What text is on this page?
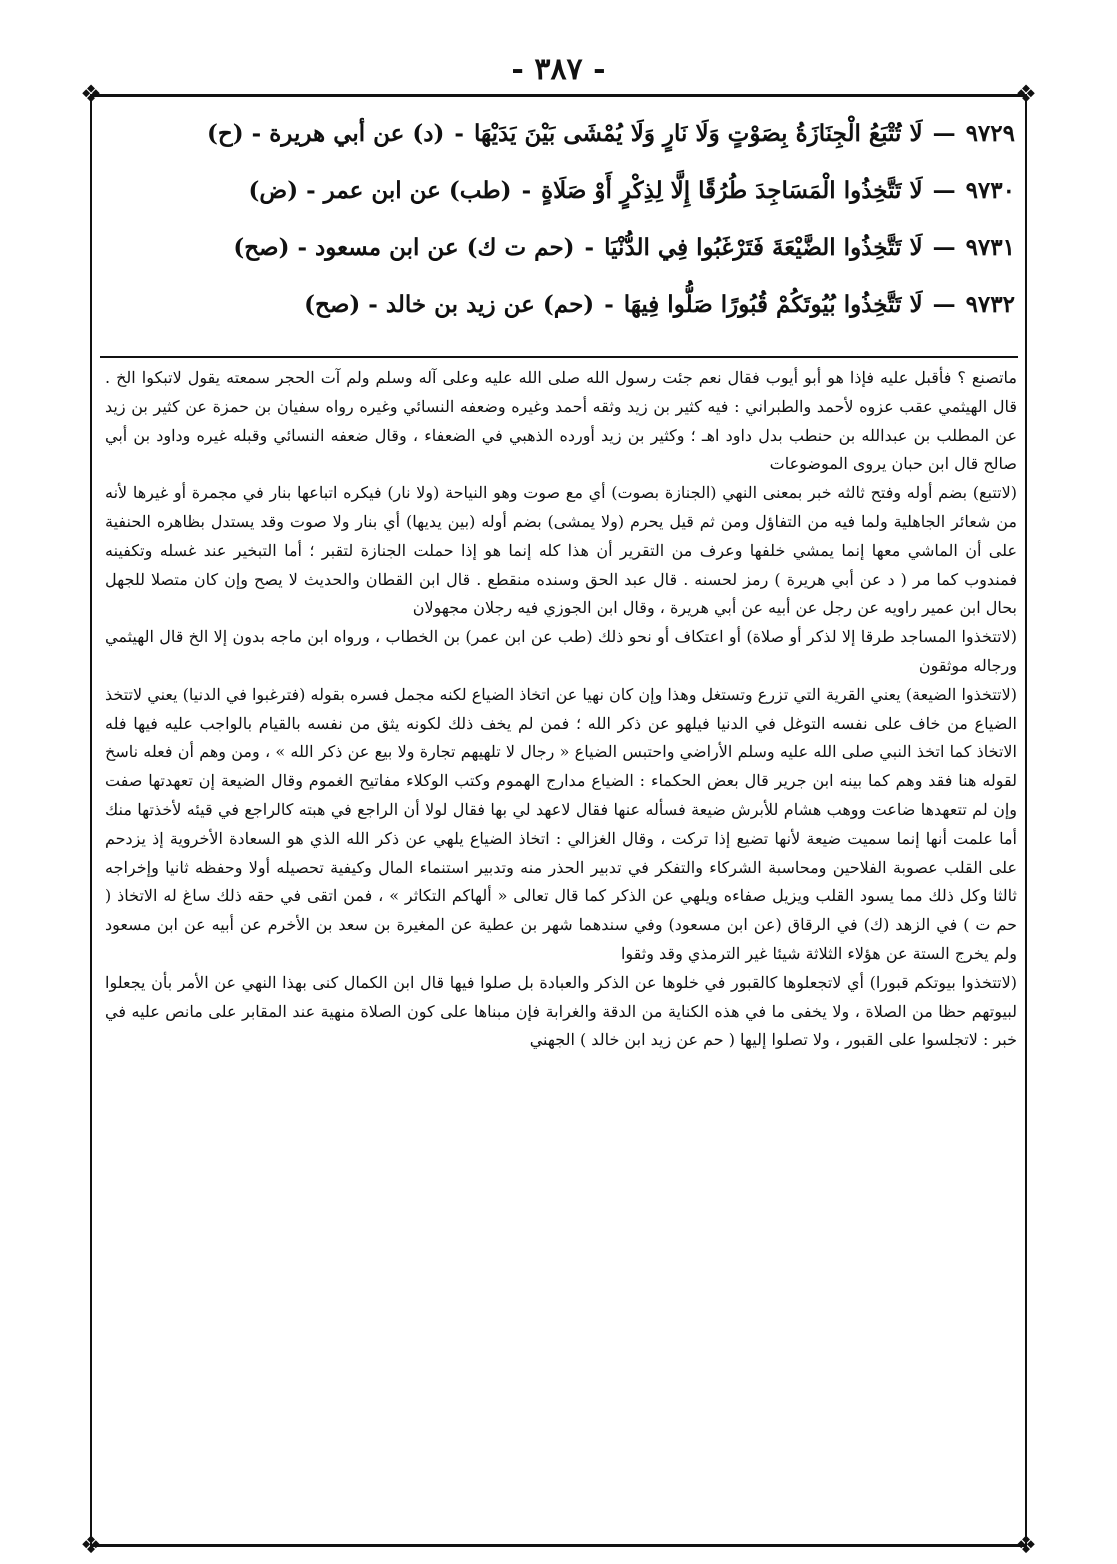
- ٣٨٧ -
❖	❖
❖	❖
٩٧٢٩
—
لَا تُتْبَعُ الْجِنَازَةُ بِصَوْتٍ وَلَا نَارٍ وَلَا يُمْشَى بَيْنَ يَدَيْهَا
-
(د) عن أبي هريرة - (ح)
٩٧٣٠
—
لَا تَتَّخِذُوا الْمَسَاجِدَ طُرُقًا إِلَّا لِذِكْرٍ أَوْ صَلَاةٍ
-
(طب) عن ابن عمر - (ض)
٩٧٣١
—
لَا تَتَّخِذُوا الضَّيْعَةَ فَتَرْغَبُوا فِي الدُّنْيَا
-
(حم ت ك) عن ابن مسعود - (صح)
٩٧٣٢
—
لَا تَتَّخِذُوا بُيُوتَكُمْ قُبُورًا صَلُّوا فِيهَا
-
(حم) عن زيد بن خالد - (صح)

ماتصنع ؟ فأقبل عليه فإذا هو أبو أيوب فقال نعم جئت رسول الله صلى الله عليه وعلى آله وسلم ولم آت الحجر سمعته يقول لاتبكوا الخ . قال الهيثمي عقب عزوه لأحمد والطبراني : فيه كثير بن زيد وثقه أحمد وغيره وضعفه النسائي وغيره رواه سفيان بن حمزة عن كثير بن زيد عن المطلب بن عبدالله بن حنطب بدل داود اهـ ؛ وكثير بن زيد أورده الذهبي في الضعفاء ، وقال ضعفه النسائي وقبله غيره وداود بن أبي صالح قال ابن حبان يروى الموضوعات

(لاتتبع) بضم أوله وفتح ثالثه خبر بمعنى النهي (الجنازة بصوت) أي مع صوت وهو النياحة (ولا نار) فيكره اتباعها بنار في مجمرة أو غيرها لأنه من شعائر الجاهلية ولما فيه من التفاؤل ومن ثم قيل يحرم (ولا يمشى) بضم أوله (بين يديها) أي بنار ولا صوت وقد يستدل بظاهره الحنفية على أن الماشي معها إنما يمشي خلفها وعرف من التقرير أن هذا كله إنما هو إذا حملت الجنازة لتقبر ؛ أما التبخير عند غسله وتكفينه فمندوب كما مر ( د عن أبي هريرة ) رمز لحسنه . قال عبد الحق وسنده منقطع . قال ابن القطان والحديث لا يصح وإن كان متصلا للجهل بحال ابن عمير راويه عن رجل عن أبيه عن أبي هريرة ، وقال ابن الجوزي فيه رجلان مجهولان

(لاتتخذوا المساجد طرقا إلا لذكر أو صلاة) أو اعتكاف أو نحو ذلك (طب عن ابن عمر) بن الخطاب ، ورواه ابن ماجه بدون إلا الخ قال الهيثمي ورجاله موثقون

(لاتتخذوا الضيعة) يعني القرية التي تزرع وتستغل وهذا وإن كان نهيا عن اتخاذ الضياع لكنه مجمل فسره بقوله (فترغبوا في الدنيا) يعني لاتتخذ الضياع من خاف على نفسه التوغل في الدنيا فيلهو عن ذكر الله ؛ فمن لم يخف ذلك لكونه يثق من نفسه بالقيام بالواجب عليه فيها فله الاتخاذ كما اتخذ النبي صلى الله عليه وسلم الأراضي واحتبس الضياع « رجال لا تلهيهم تجارة ولا بيع عن ذكر الله » ، ومن وهم أن فعله ناسخ لقوله هنا فقد وهم كما بينه ابن جرير قال بعض الحكماء : الضياع مدارج الهموم وكتب الوكلاء مفاتيح الغموم وقال الضيعة إن تعهدتها صفت وإن لم تتعهدها ضاعت ووهب هشام للأبرش ضيعة فسأله عنها فقال لاعهد لي بها فقال لولا أن الراجع في هبته كالراجع في قيئه لأخذتها منك أما علمت أنها إنما سميت ضيعة لأنها تضيع إذا تركت ، وقال الغزالي : اتخاذ الضياع يلهي عن ذكر الله الذي هو السعادة الأخروية إذ يزدحم على القلب عصوبة الفلاحين ومحاسبة الشركاء والتفكر في تدبير الحذر منه وتدبير استنماء المال وكيفية تحصيله أولا وحفظه ثانيا وإخراجه ثالثا وكل ذلك مما يسود القلب ويزيل صفاءه ويلهي عن الذكر كما قال تعالى « ألهاكم التكاثر » ، فمن اتقى في حقه ذلك ساغ له الاتخاذ ( حم ت ) في الزهد (ك) في الرقاق (عن ابن مسعود) وفي سندهما شهر بن عطية عن المغيرة بن سعد بن الأخرم عن أبيه عن ابن مسعود ولم يخرج الستة عن هؤلاء الثلاثة شيئا غير الترمذي وقد وثقوا

(لاتتخذوا بيوتكم قبورا) أي لاتجعلوها كالقبور في خلوها عن الذكر والعبادة بل صلوا فيها قال ابن الكمال كنى بهذا النهي عن الأمر بأن يجعلوا لبيوتهم حظا من الصلاة ، ولا يخفى ما في هذه الكناية من الدقة والغرابة فإن مبناها على كون الصلاة منهية عند المقابر على مانص عليه في خبر : لاتجلسوا على القبور ، ولا تصلوا إليها ( حم عن زيد ابن خالد ) الجهني
